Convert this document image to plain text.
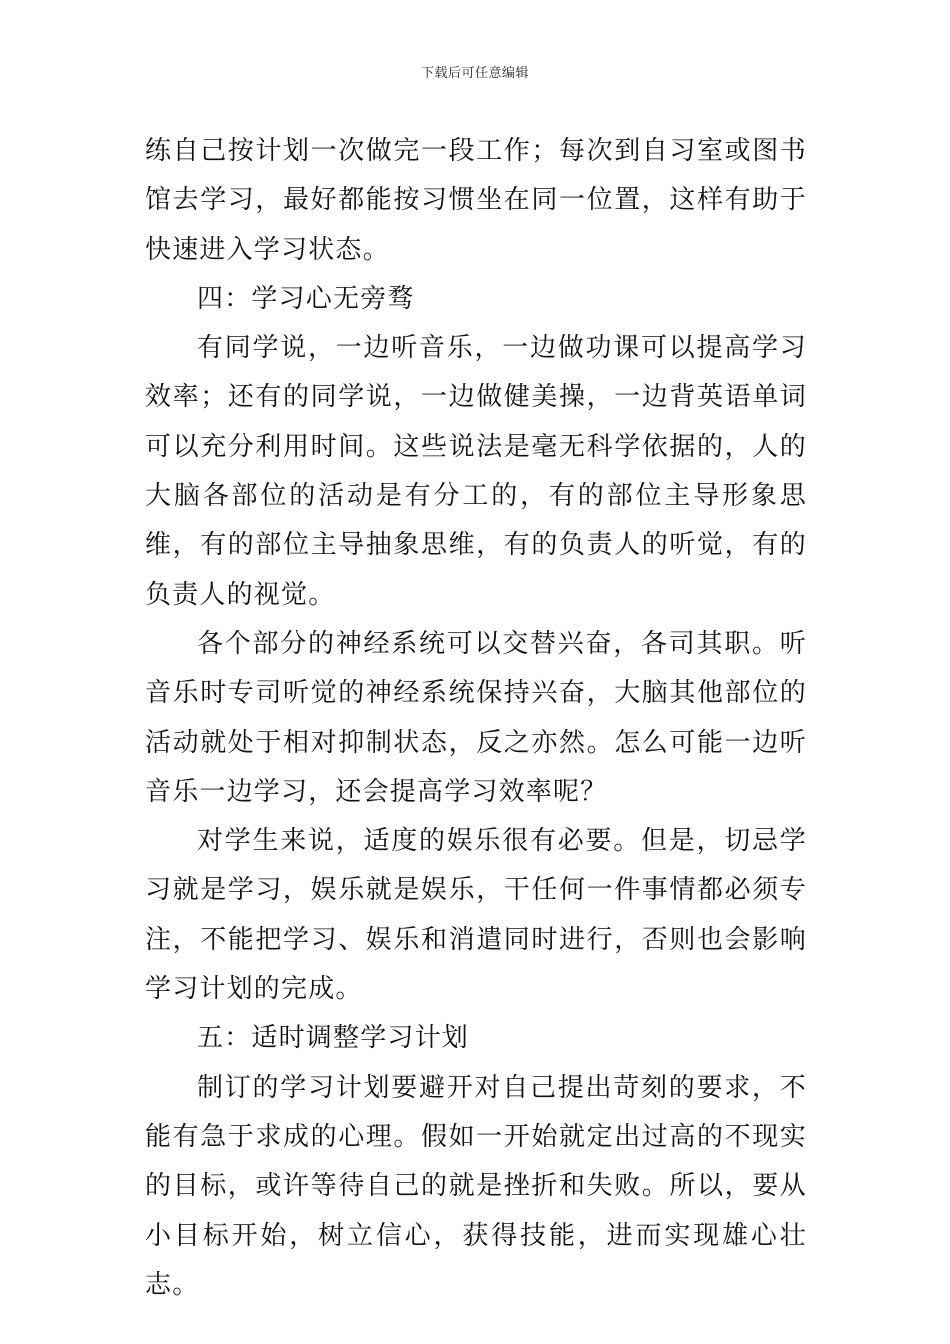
下载后可任意编辑

练自己按计划一次做完一段工作；每次到自习室或图书馆去学习，最好都能按习惯坐在同一位置，这样有助于快速进入学习状态。

四：学习心无旁骛

有同学说，一边听音乐，一边做功课可以提高学习效率；还有的同学说，一边做健美操，一边背英语单词可以充分利用时间。这些说法是毫无科学依据的，人的大脑各部位的活动是有分工的，有的部位主导形象思维，有的部位主导抽象思维，有的负责人的听觉，有的负责人的视觉。

各个部分的神经系统可以交替兴奋，各司其职。听音乐时专司听觉的神经系统保持兴奋，大脑其他部位的活动就处于相对抑制状态，反之亦然。怎么可能一边听音乐一边学习，还会提高学习效率呢？

对学生来说，适度的娱乐很有必要。但是，切忌学习就是学习，娱乐就是娱乐，干任何一件事情都必须专注，不能把学习、娱乐和消遣同时进行，否则也会影响学习计划的完成。

五：适时调整学习计划

制订的学习计划要避开对自己提出苛刻的要求，不能有急于求成的心理。假如一开始就定出过高的不现实的目标，或许等待自己的就是挫折和失败。所以，要从小目标开始，树立信心，获得技能，进而实现雄心壮志。
